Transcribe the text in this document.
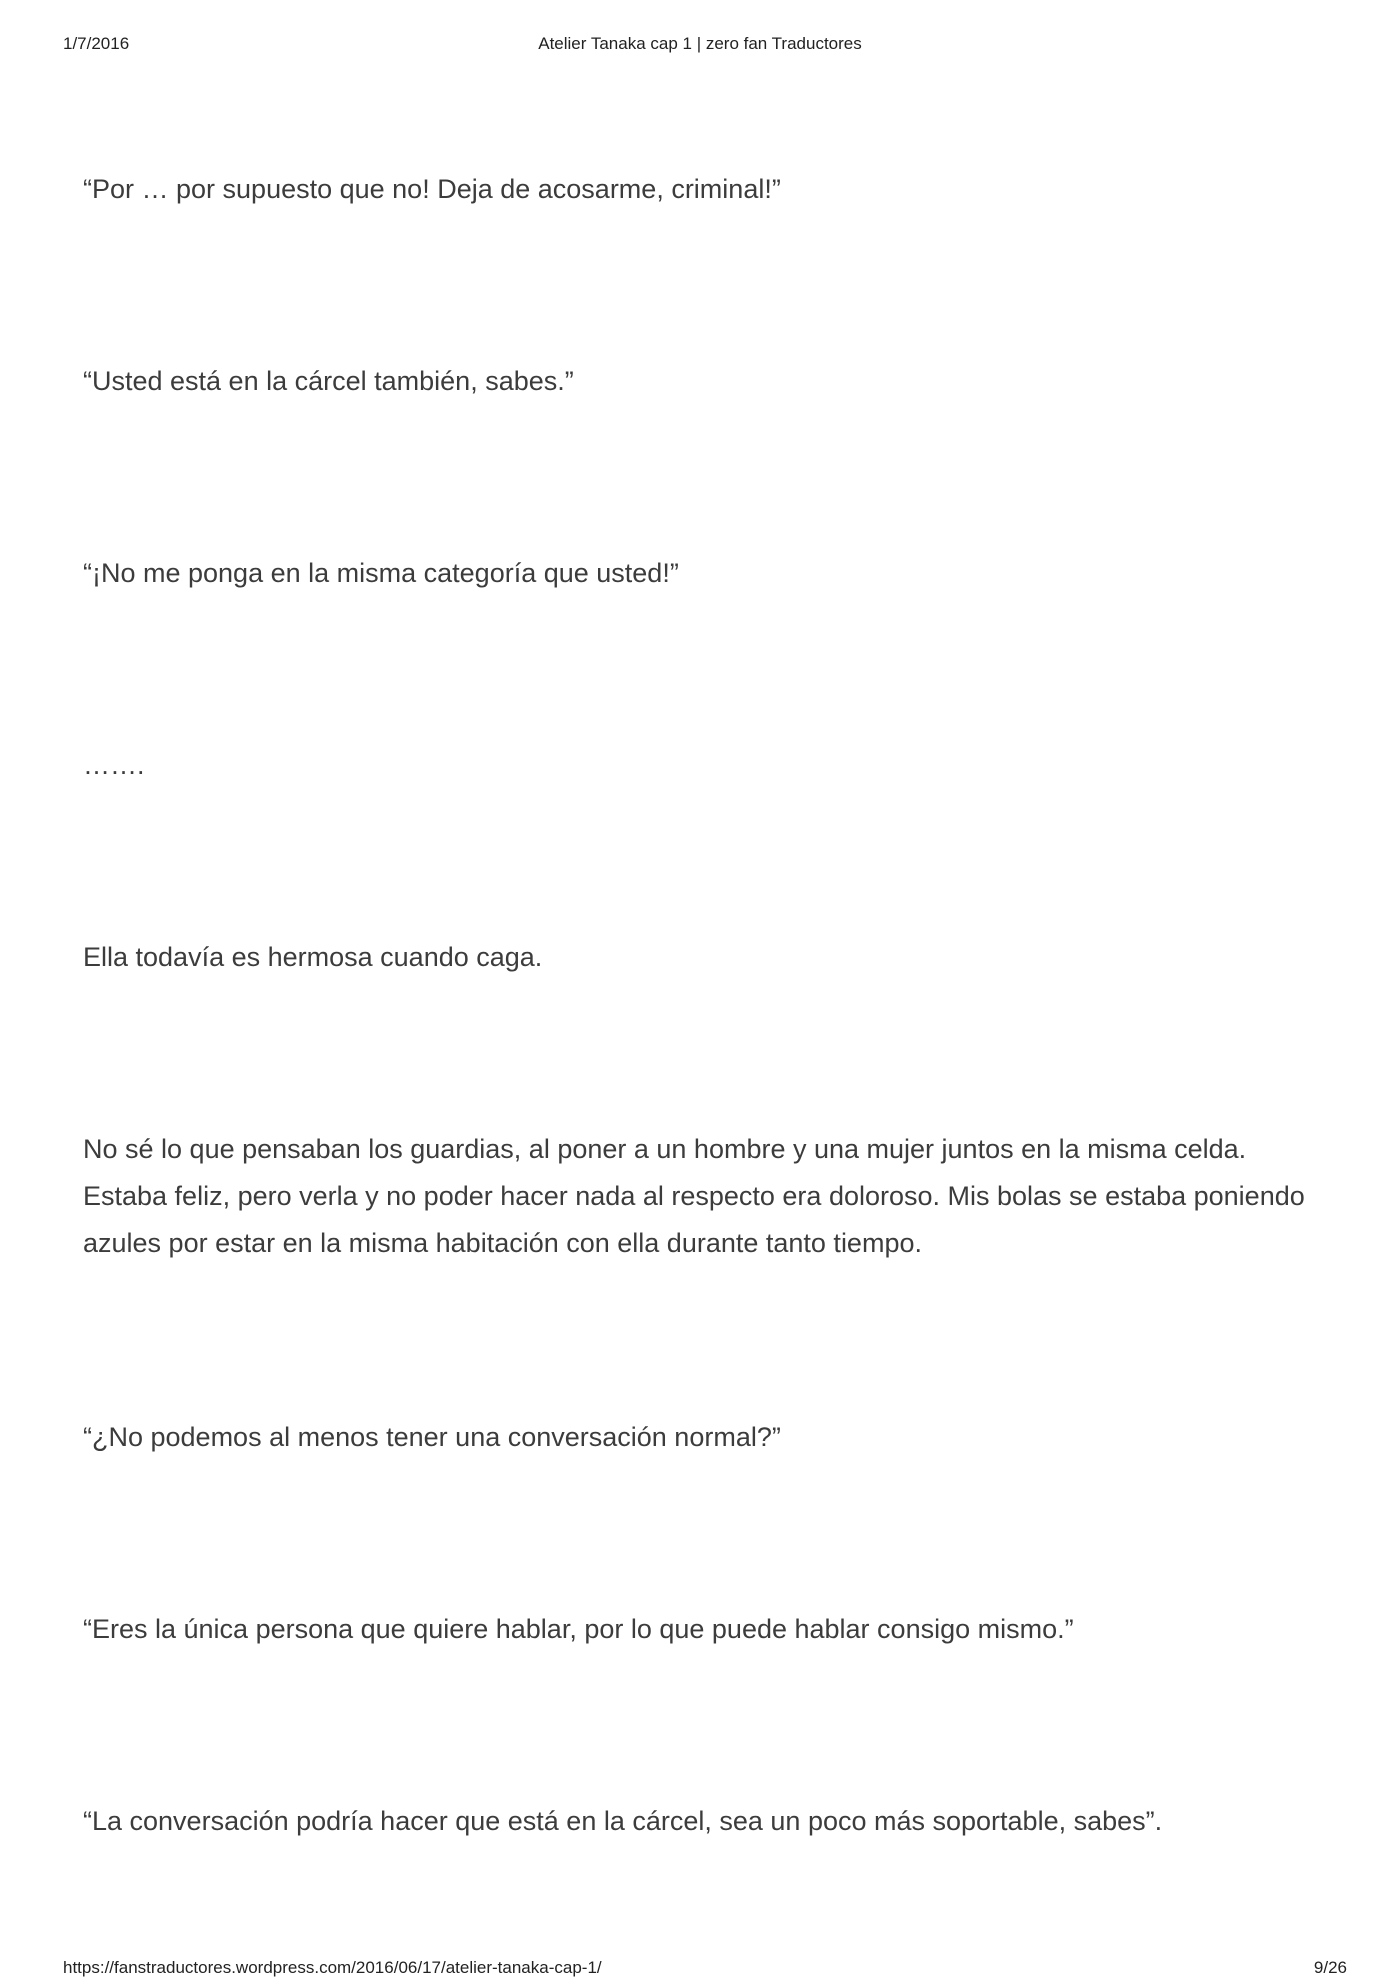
1/7/2016	Atelier Tanaka cap 1 | zero fan Traductores

“Por … por supuesto que no! Deja de acosarme, criminal!”

“Usted está en la cárcel también, sabes.”

“¡No me ponga en la misma categoría que usted!”

…….

Ella todavía es hermosa cuando caga.

No sé lo que pensaban los guardias, al poner a un hombre y una mujer juntos en la misma celda. Estaba feliz, pero verla y no poder hacer nada al respecto era doloroso. Mis bolas se estaba poniendo azules por estar en la misma habitación con ella durante tanto tiempo.

“¿No podemos al menos tener una conversación normal?”

“Eres la única persona que quiere hablar, por lo que puede hablar consigo mismo.”

“La conversación podría hacer que está en la cárcel, sea un poco más soportable, sabes”.

https://fanstraductores.wordpress.com/2016/06/17/atelier-tanaka-cap-1/	9/26
